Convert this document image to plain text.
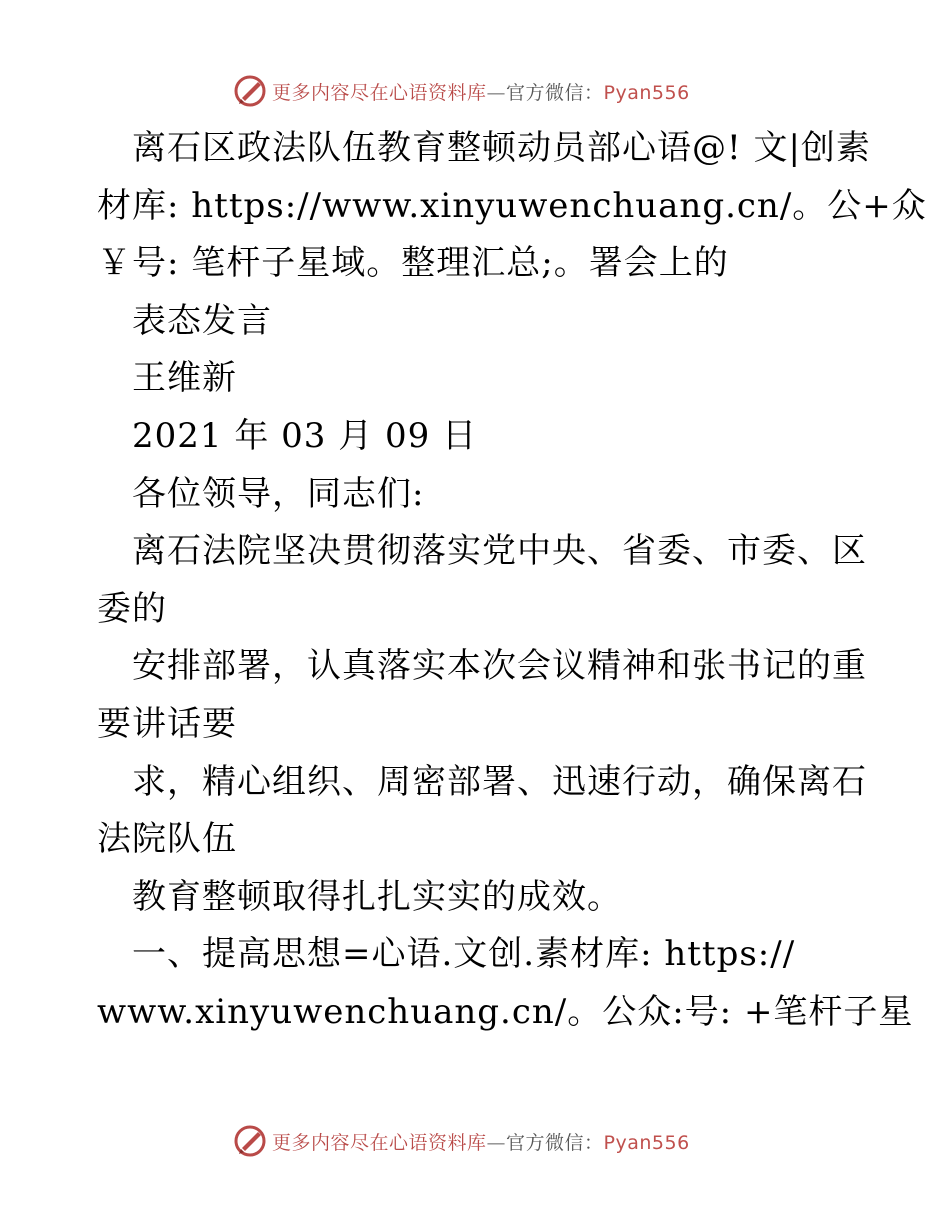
更多内容尽在心语资料库—官方微信：Pyan556

　离石区政法队伍教育整顿动员部心语@! 文|创素

材库: https://www.xinyuwenchuang.cn/。公+众

￥号: 笔杆子星域。整理汇总;。署会上的

　表态发言

　王维新

　2021 年 03 月 09 日

　各位领导，同志们:

　离石法院坚决贯彻落实党中央、省委、市委、区

委的

　安排部署，认真落实本次会议精神和张书记的重

要讲话要

　求，精心组织、周密部署、迅速行动，确保离石

法院队伍

　教育整顿取得扎扎实实的成效。

　一、提高思想=心语.文创.素材库: https://

www.xinyuwenchuang.cn/。公众:号: +笔杆子星

更多内容尽在心语资料库—官方微信：Pyan556
